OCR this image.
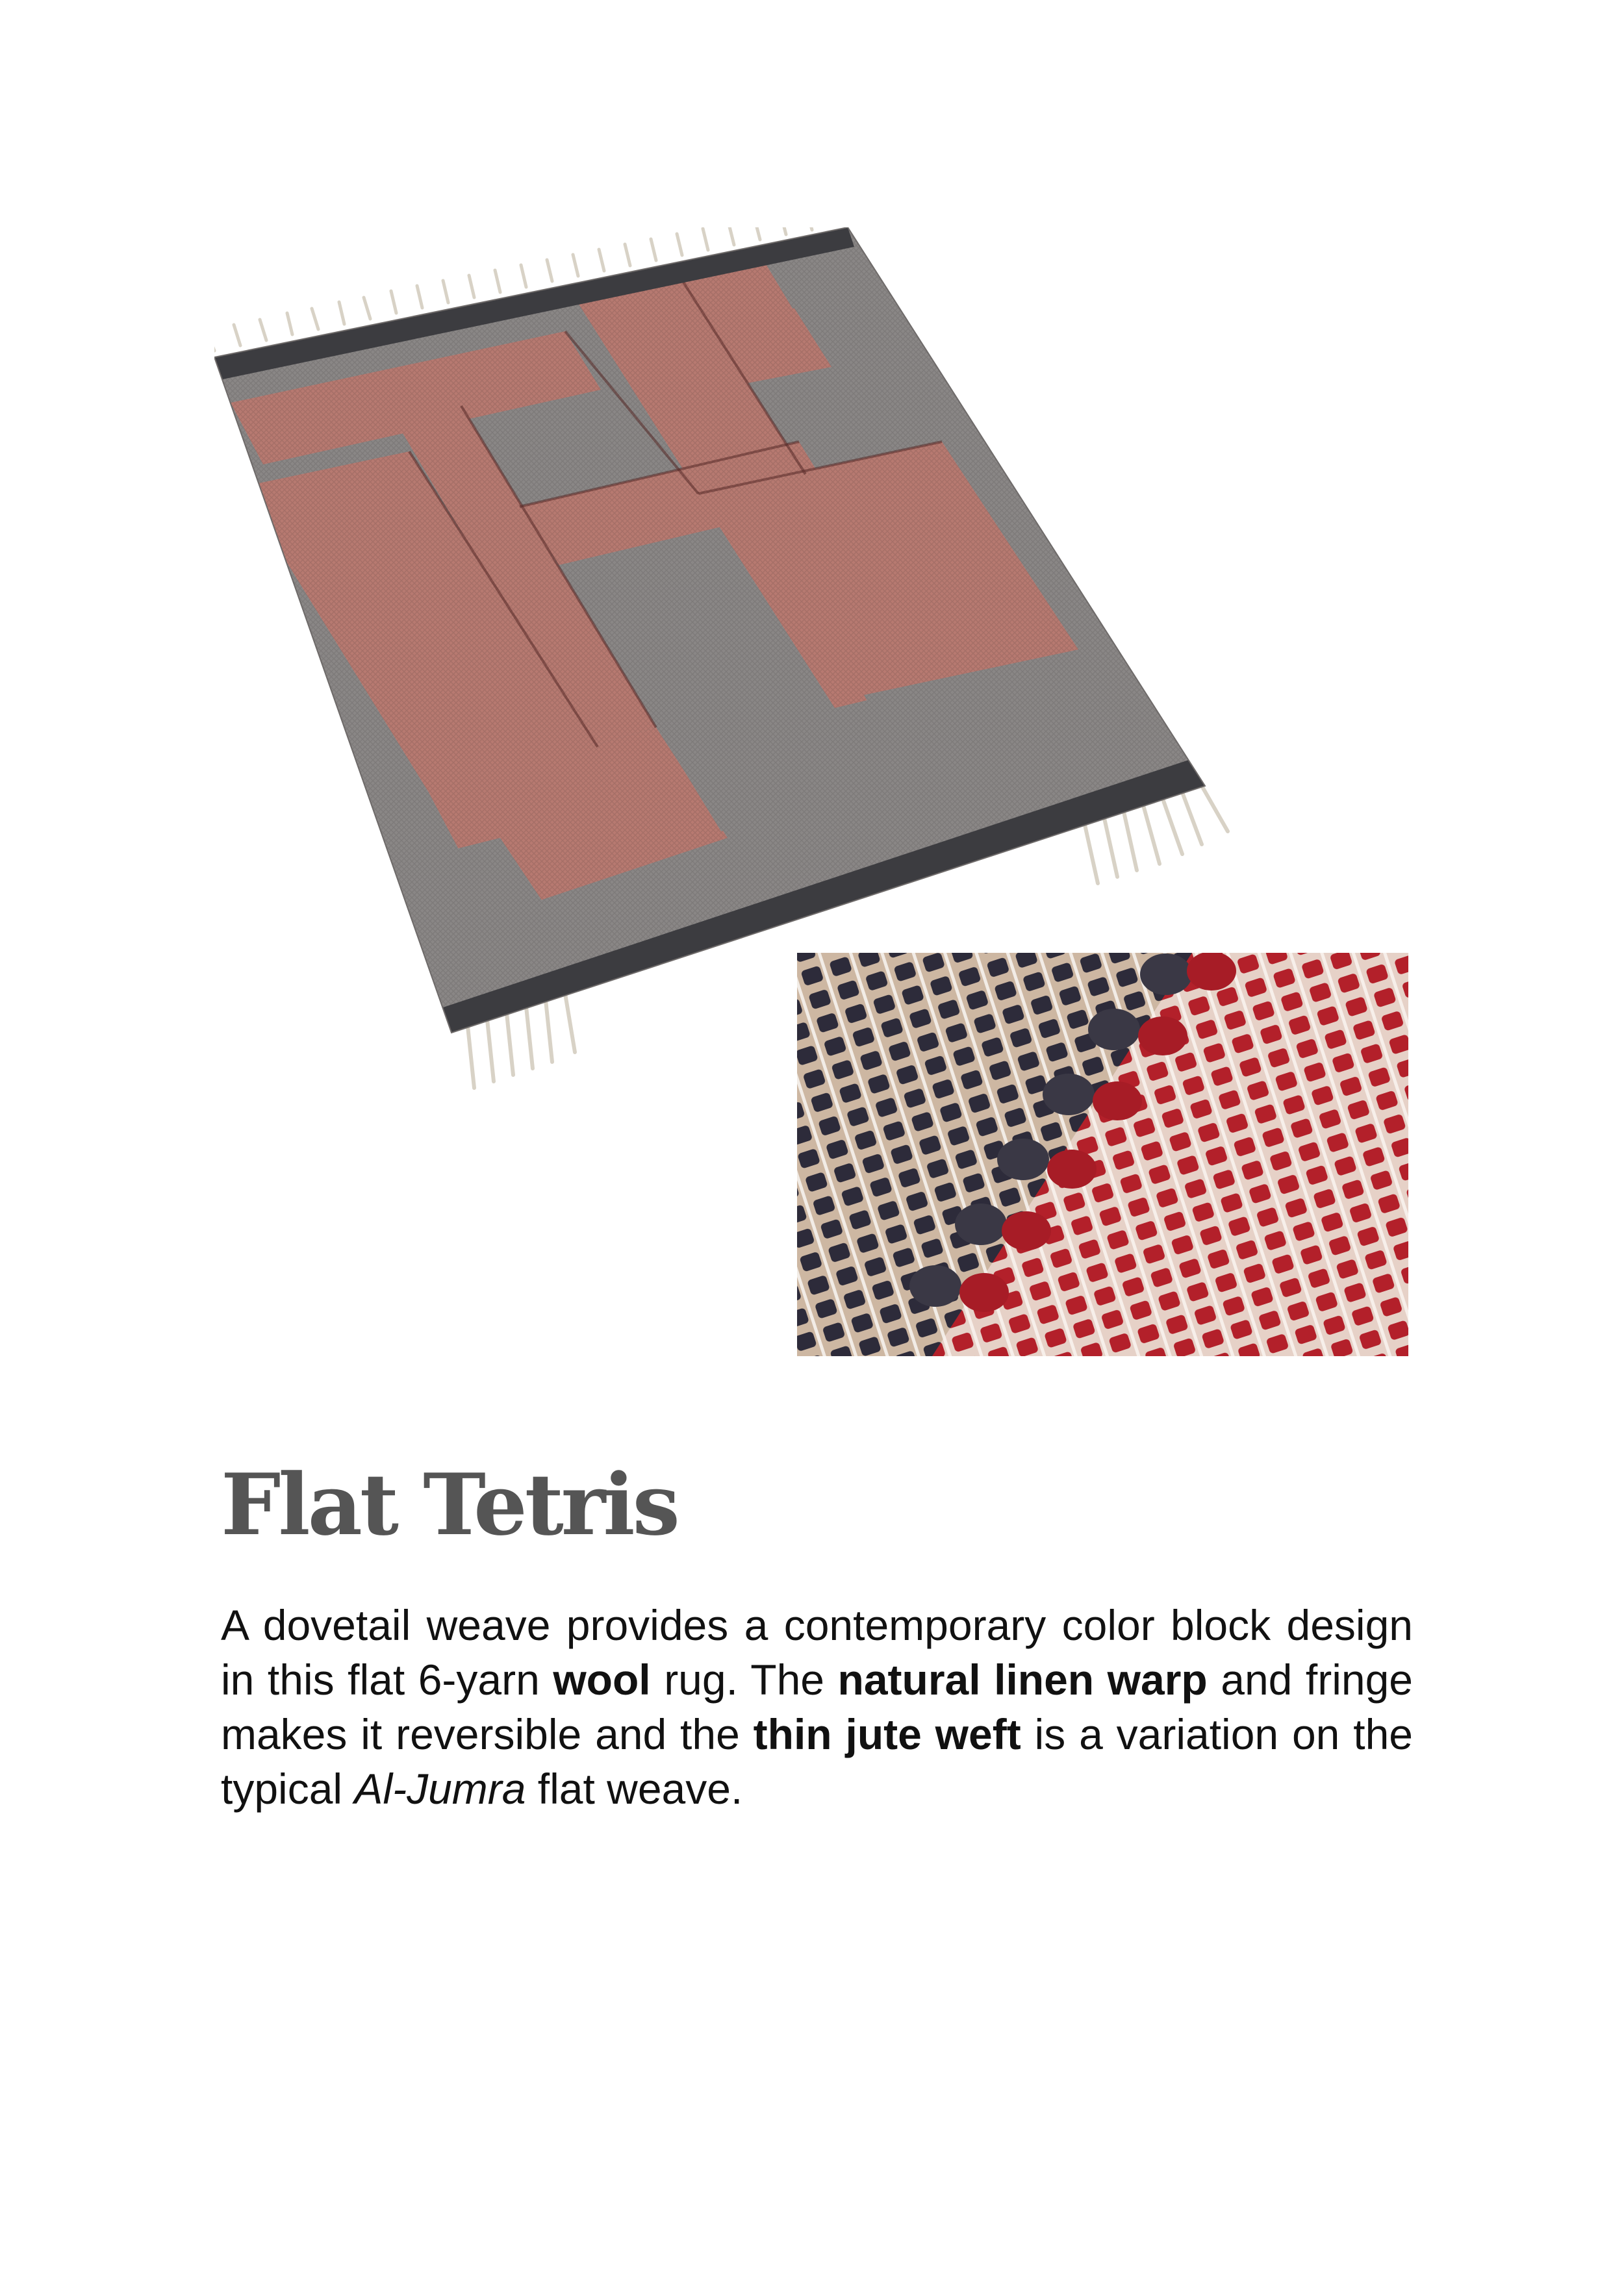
Flat Tetris

A dovetail weave provides a contemporary color block design in this flat 6-yarn wool rug. The natural linen warp and fringe makes it reversible and the thin jute weft is a variation on the typical Al-Jumra flat weave.
